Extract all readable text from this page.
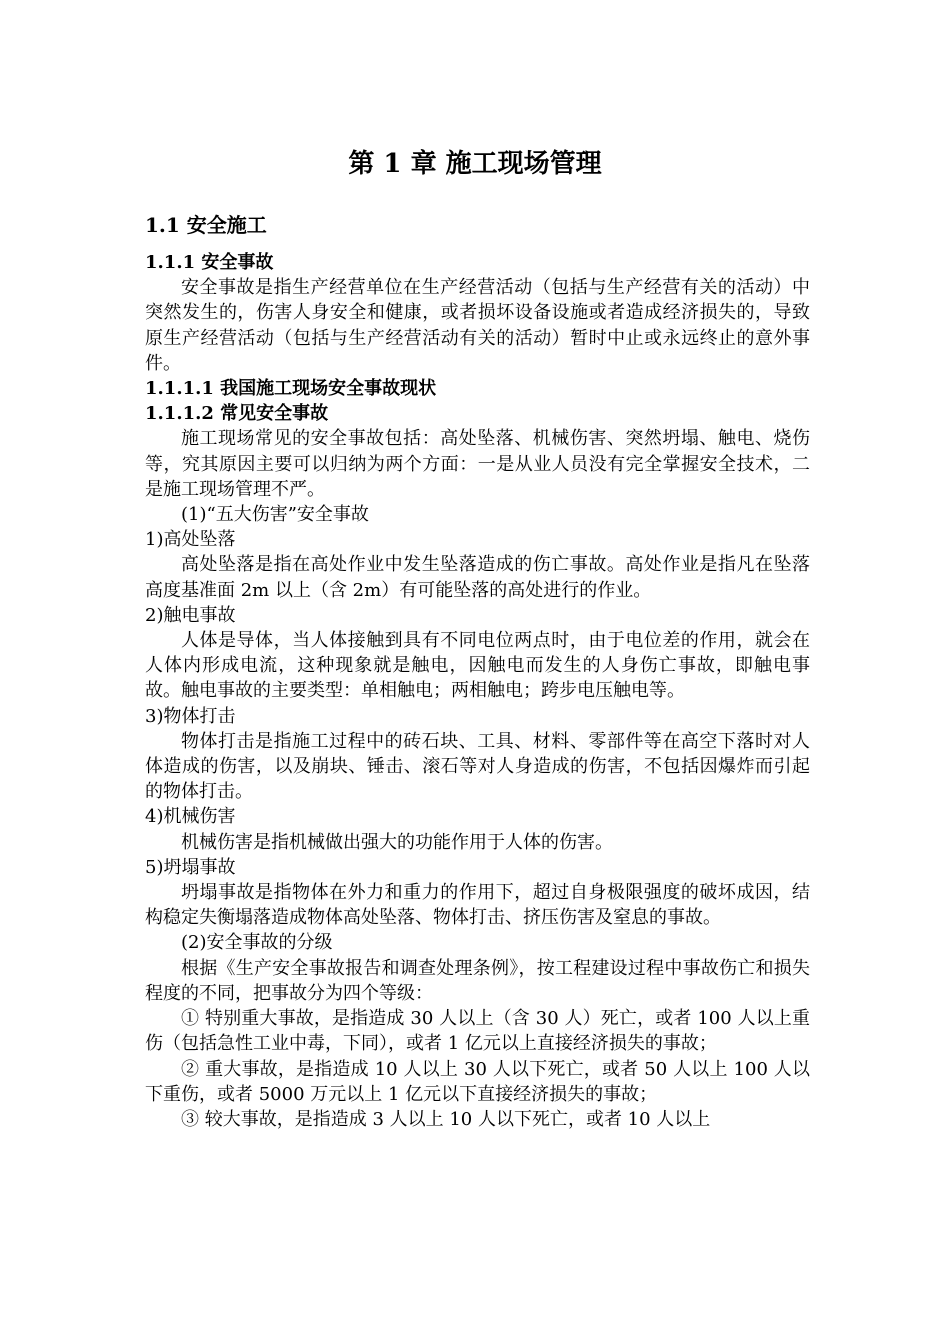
第 1 章 施工现场管理
1.1 安全施工

1.1.1 安全事故

安全事故是指生产经营单位在生产经营活动（包括与生产经营有关的活动）中突然发生的，伤害人身安全和健康，或者损坏设备设施或者造成经济损失的，导致原生产经营活动（包括与生产经营活动有关的活动）暂时中止或永远终止的意外事件。

1.1.1.1 我国施工现场安全事故现状

1.1.1.2 常见安全事故

施工现场常见的安全事故包括：高处坠落、机械伤害、突然坍塌、触电、烧伤等，究其原因主要可以归纳为两个方面：一是从业人员没有完全掌握安全技术，二是施工现场管理不严。

(1)“五大伤害”安全事故

1)高处坠落

高处坠落是指在高处作业中发生坠落造成的伤亡事故。高处作业是指凡在坠落高度基准面 2m 以上（含 2m）有可能坠落的高处进行的作业。

2)触电事故

人体是导体，当人体接触到具有不同电位两点时，由于电位差的作用，就会在人体内形成电流，这种现象就是触电，因触电而发生的人身伤亡事故，即触电事故。触电事故的主要类型：单相触电；两相触电；跨步电压触电等。

3)物体打击

物体打击是指施工过程中的砖石块、工具、材料、零部件等在高空下落时对人体造成的伤害，以及崩块、锤击、滚石等对人身造成的伤害，不包括因爆炸而引起的物体打击。

4)机械伤害

机械伤害是指机械做出强大的功能作用于人体的伤害。

5)坍塌事故

坍塌事故是指物体在外力和重力的作用下，超过自身极限强度的破坏成因，结构稳定失衡塌落造成物体高处坠落、物体打击、挤压伤害及窒息的事故。

(2)安全事故的分级

根据《生产安全事故报告和调查处理条例》，按工程建设过程中事故伤亡和损失程度的不同，把事故分为四个等级：

① 特别重大事故，是指造成 30 人以上（含 30 人）死亡，或者 100 人以上重伤（包括急性工业中毒，下同），或者 1 亿元以上直接经济损失的事故；

② 重大事故，是指造成 10 人以上 30 人以下死亡，或者 50 人以上 100 人以下重伤，或者 5000 万元以上 1 亿元以下直接经济损失的事故；

③ 较大事故，是指造成 3 人以上 10 人以下死亡，或者 10 人以上
